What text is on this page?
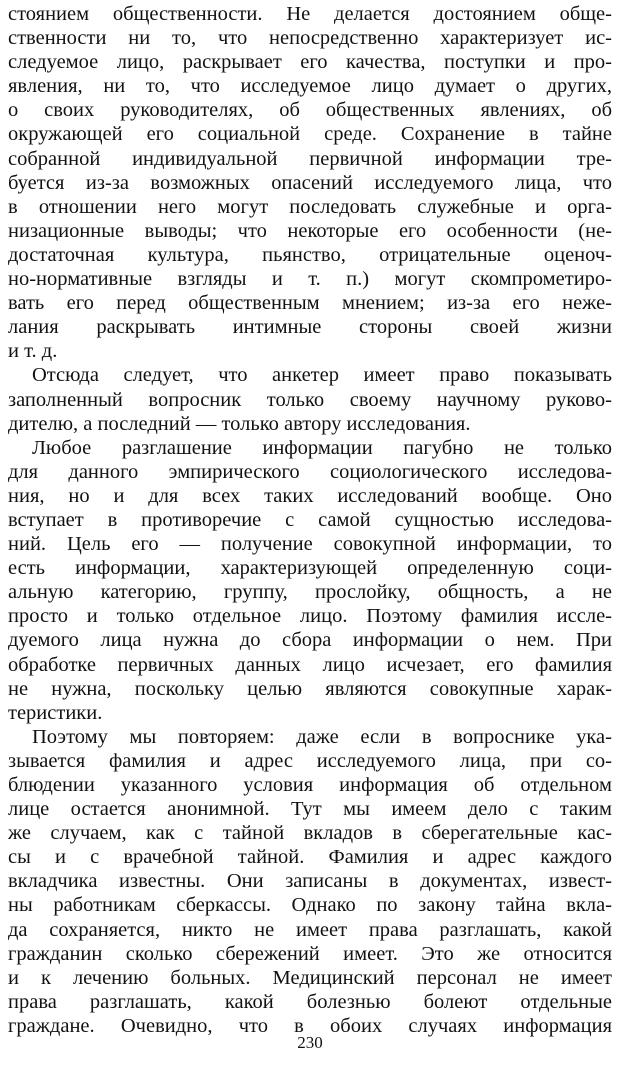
стоянием общественности. Не делается достоянием обще-
ственности ни то, что непосредственно характеризует ис-
следуемое лицо, раскрывает его качества, поступки и про-
явления, ни то, что исследуемое лицо думает о других,
о своих руководителях, об общественных явлениях, об
окружающей его социальной среде. Сохранение в тайне
собранной индивидуальной первичной информации тре-
буется из-за возможных опасений исследуемого лица, что
в отношении него могут последовать служебные и орга-
низационные выводы; что некоторые его особенности (не-
достаточная культура, пьянство, отрицательные оценоч-
но-нормативные взгляды и т. п.) могут скомпрометиро-
вать его перед общественным мнением; из-за его неже-
лания раскрывать интимные стороны своей жизни
и т. д.
Отсюда следует, что анкетер имеет право показывать
заполненный вопросник только своему научному руково-
дителю, а последний — только автору исследования.
Любое разглашение информации пагубно не только
для данного эмпирического социологического исследова-
ния, но и для всех таких исследований вообще. Оно
вступает в противоречие с самой сущностью исследова-
ний. Цель его — получение совокупной информации, то
есть информации, характеризующей определенную соци-
альную категорию, группу, прослойку, общность, а не
просто и только отдельное лицо. Поэтому фамилия иссле-
дуемого лица нужна до сбора информации о нем. При
обработке первичных данных лицо исчезает, его фамилия
не нужна, поскольку целью являются совокупные харак-
теристики.
Поэтому мы повторяем: даже если в вопроснике ука-
зывается фамилия и адрес исследуемого лица, при со-
блюдении указанного условия информация об отдельном
лице остается анонимной. Тут мы имеем дело с таким
же случаем, как с тайной вкладов в сберегательные кас-
сы и с врачебной тайной. Фамилия и адрес каждого
вкладчика известны. Они записаны в документах, извест-
ны работникам сберкассы. Однако по закону тайна вкла-
да сохраняется, никто не имеет права разглашать, какой
гражданин сколько сбережений имеет. Это же относится
и к лечению больных. Медицинский персонал не имеет
права разглашать, какой болезнью болеют отдельные
граждане. Очевидно, что в обоих случаях информация
230
